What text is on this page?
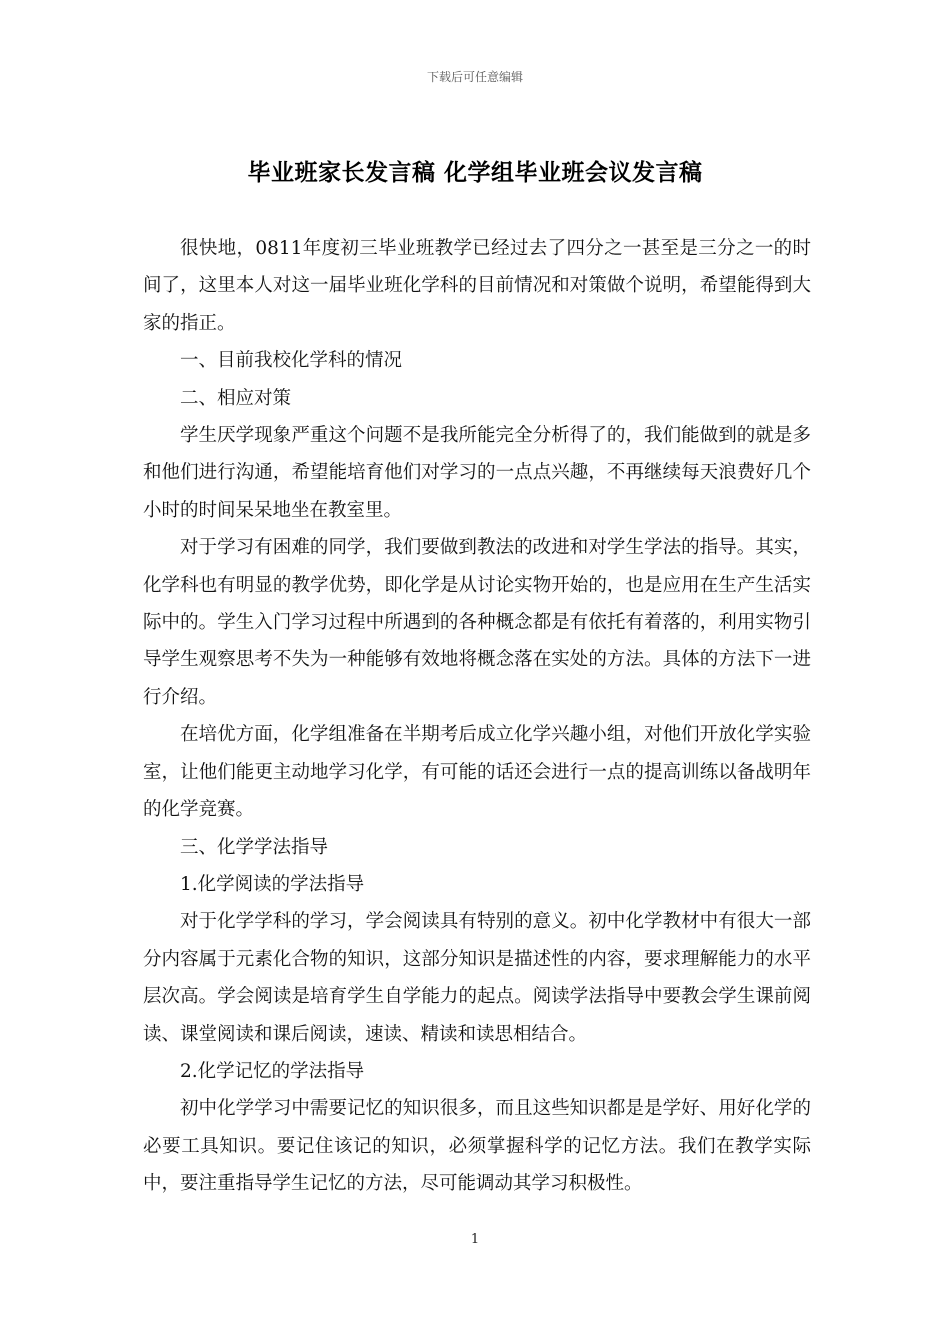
下载后可任意编辑
毕业班家长发言稿 化学组毕业班会议发言稿

很快地，0811年度初三毕业班教学已经过去了四分之一甚至是三分之一的时间了，这里本人对这一届毕业班化学科的目前情况和对策做个说明，希望能得到大家的指正。

一、目前我校化学科的情况

二、相应对策

学生厌学现象严重这个问题不是我所能完全分析得了的，我们能做到的就是多和他们进行沟通，希望能培育他们对学习的一点点兴趣，不再继续每天浪费好几个小时的时间呆呆地坐在教室里。

对于学习有困难的同学，我们要做到教法的改进和对学生学法的指导。其实，化学科也有明显的教学优势，即化学是从讨论实物开始的，也是应用在生产生活实际中的。学生入门学习过程中所遇到的各种概念都是有依托有着落的，利用实物引导学生观察思考不失为一种能够有效地将概念落在实处的方法。具体的方法下一进行介绍。

在培优方面，化学组准备在半期考后成立化学兴趣小组，对他们开放化学实验室，让他们能更主动地学习化学，有可能的话还会进行一点的提高训练以备战明年的化学竞赛。

三、化学学法指导

1.化学阅读的学法指导

对于化学学科的学习，学会阅读具有特别的意义。初中化学教材中有很大一部分内容属于元素化合物的知识，这部分知识是描述性的内容，要求理解能力的水平层次高。学会阅读是培育学生自学能力的起点。阅读学法指导中要教会学生课前阅读、课堂阅读和课后阅读，速读、精读和读思相结合。

2.化学记忆的学法指导

初中化学学习中需要记忆的知识很多，而且这些知识都是是学好、用好化学的必要工具知识。要记住该记的知识，必须掌握科学的记忆方法。我们在教学实际中，要注重指导学生记忆的方法，尽可能调动其学习积极性。

1
